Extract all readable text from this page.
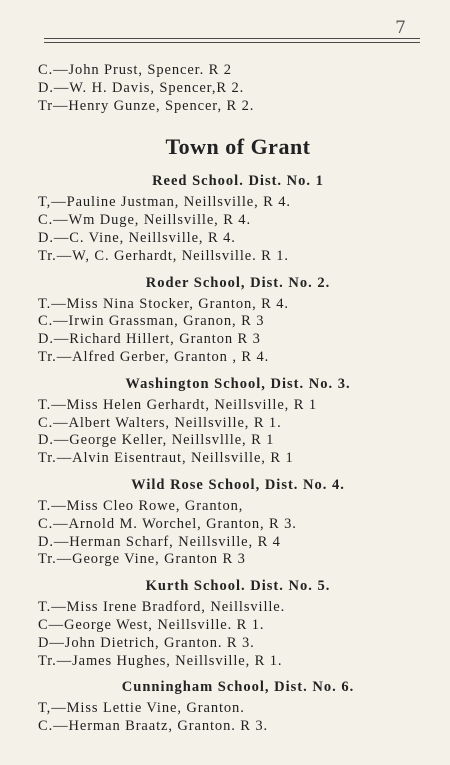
7
C.—John Prust, Spencer. R 2
D.—W. H. Davis, Spencer,R 2.
Tr—Henry Gunze, Spencer, R 2.
Town of Grant
Reed School. Dist. No. 1
T,—Pauline Justman, Neillsville, R 4.
C.—Wm Duge, Neillsville, R 4.
D.—C. Vine, Neillsville, R 4.
Tr.—W, C. Gerhardt, Neillsville. R 1.
Roder School, Dist. No. 2.
T.—Miss Nina Stocker, Granton, R 4.
C.—Irwin Grassman, Granon, R 3
D.—Richard Hillert, Granton R 3
Tr.—Alfred Gerber, Granton , R 4.
Washington School, Dist. No. 3.
T.—Miss Helen Gerhardt, Neillsville, R 1
C.—Albert Walters, Neillsville, R 1.
D.—George Keller, Neillsvllle, R 1
Tr.—Alvin Eisentraut, Neillsville, R 1
Wild Rose School, Dist. No. 4.
T.—Miss Cleo Rowe, Granton,
C.—Arnold M. Worchel, Granton, R 3.
D.—Herman Scharf, Neillsville, R 4
Tr.—George Vine, Granton R 3
Kurth School. Dist. No. 5.
T.—Miss Irene Bradford, Neillsville.
C—George West, Neillsville. R 1.
D—John Dietrich, Granton. R 3.
Tr.—James Hughes, Neillsville, R 1.
Cunningham School, Dist. No. 6.
T,—Miss Lettie Vine, Granton.
C.—Herman Braatz, Granton. R 3.
